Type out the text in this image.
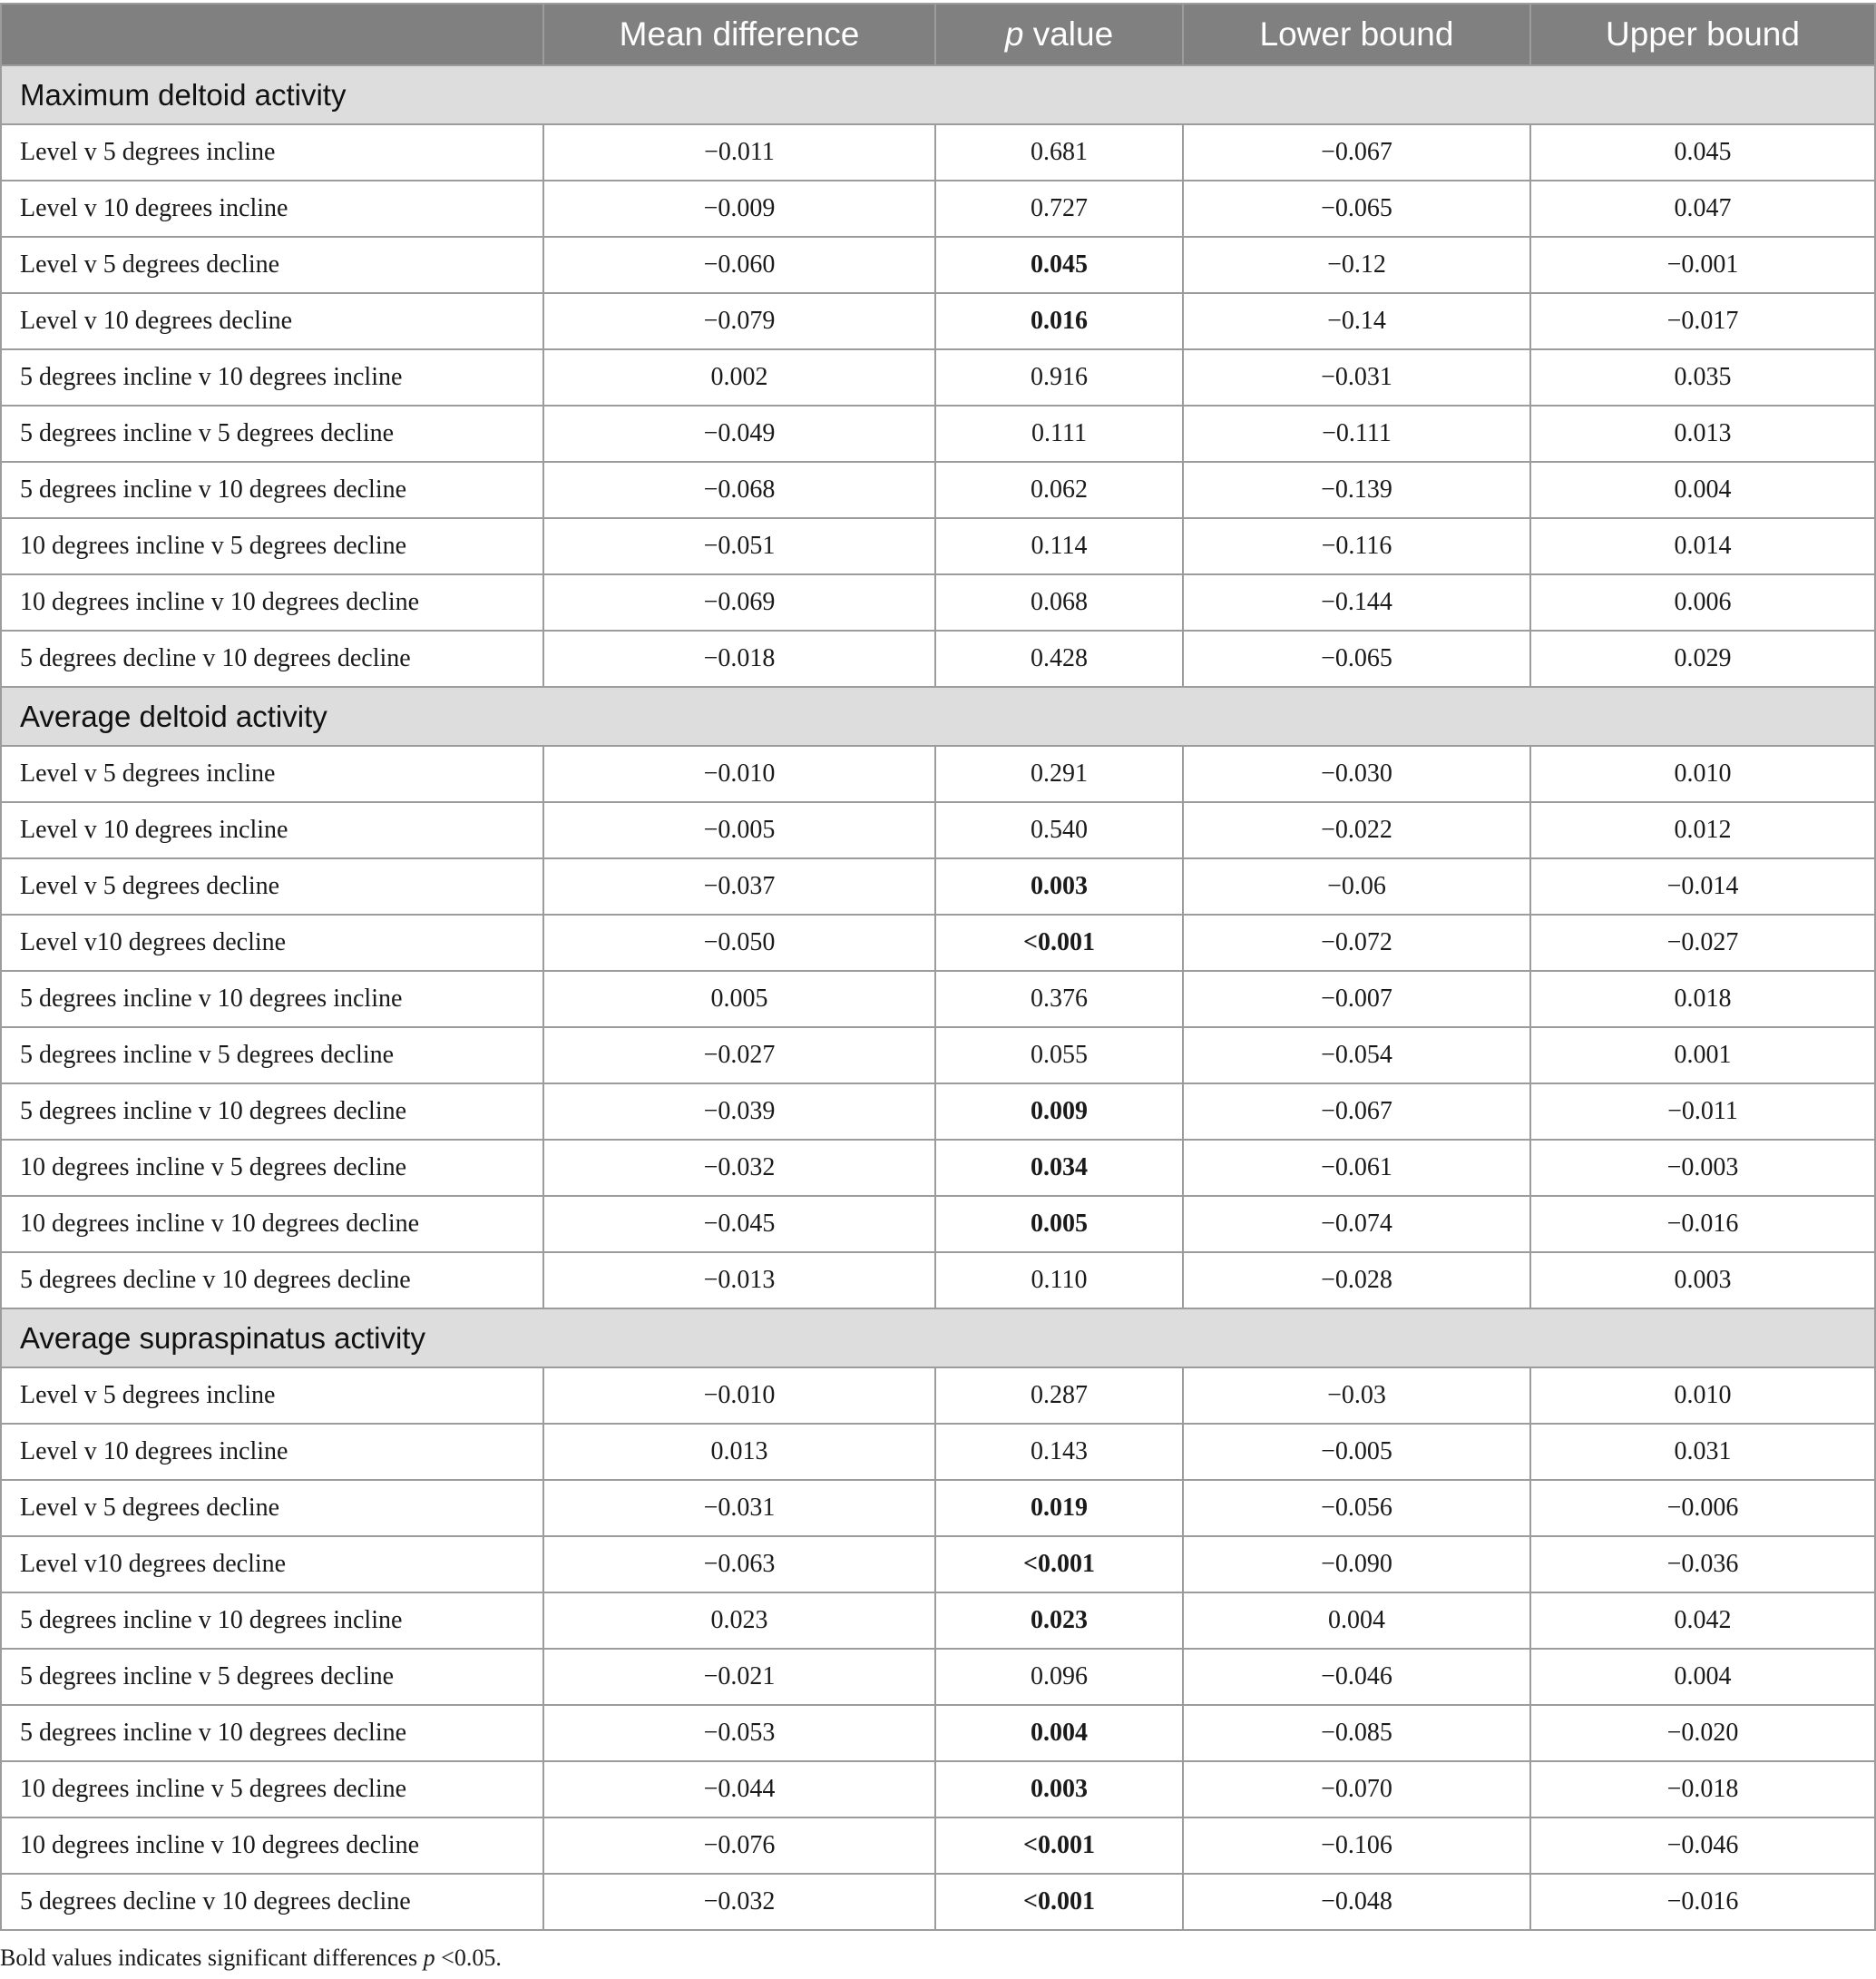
	Mean difference	p value	Lower bound	Upper bound
Maximum deltoid activity				
Level v 5 degrees incline	−0.011	0.681	−0.067	0.045
Level v 10 degrees incline	−0.009	0.727	−0.065	0.047
Level v 5 degrees decline	−0.060	0.045	−0.12	−0.001
Level v 10 degrees decline	−0.079	0.016	−0.14	−0.017
5 degrees incline v 10 degrees incline	0.002	0.916	−0.031	0.035
5 degrees incline v 5 degrees decline	−0.049	0.111	−0.111	0.013
5 degrees incline v 10 degrees decline	−0.068	0.062	−0.139	0.004
10 degrees incline v 5 degrees decline	−0.051	0.114	−0.116	0.014
10 degrees incline v 10 degrees decline	−0.069	0.068	−0.144	0.006
5 degrees decline v 10 degrees decline	−0.018	0.428	−0.065	0.029
Average deltoid activity				
Level v 5 degrees incline	−0.010	0.291	−0.030	0.010
Level v 10 degrees incline	−0.005	0.540	−0.022	0.012
Level v 5 degrees decline	−0.037	0.003	−0.06	−0.014
Level v10 degrees decline	−0.050	<0.001	−0.072	−0.027
5 degrees incline v 10 degrees incline	0.005	0.376	−0.007	0.018
5 degrees incline v 5 degrees decline	−0.027	0.055	−0.054	0.001
5 degrees incline v 10 degrees decline	−0.039	0.009	−0.067	−0.011
10 degrees incline v 5 degrees decline	−0.032	0.034	−0.061	−0.003
10 degrees incline v 10 degrees decline	−0.045	0.005	−0.074	−0.016
5 degrees decline v 10 degrees decline	−0.013	0.110	−0.028	0.003
Average supraspinatus activity				
Level v 5 degrees incline	−0.010	0.287	−0.03	0.010
Level v 10 degrees incline	0.013	0.143	−0.005	0.031
Level v 5 degrees decline	−0.031	0.019	−0.056	−0.006
Level v10 degrees decline	−0.063	<0.001	−0.090	−0.036
5 degrees incline v 10 degrees incline	0.023	0.023	0.004	0.042
5 degrees incline v 5 degrees decline	−0.021	0.096	−0.046	0.004
5 degrees incline v 10 degrees decline	−0.053	0.004	−0.085	−0.020
10 degrees incline v 5 degrees decline	−0.044	0.003	−0.070	−0.018
10 degrees incline v 10 degrees decline	−0.076	<0.001	−0.106	−0.046
5 degrees decline v 10 degrees decline	−0.032	<0.001	−0.048	−0.016
Bold values indicates significant differences p <0.05.
